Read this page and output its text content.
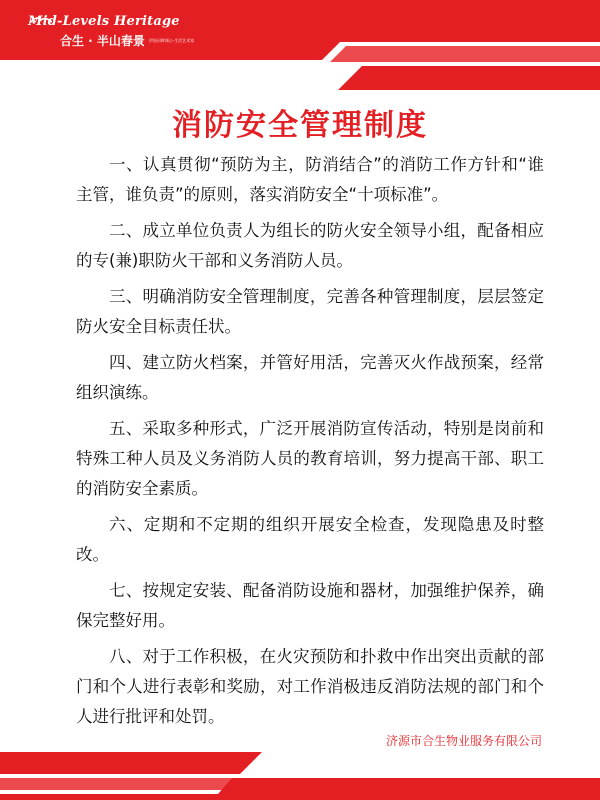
Mid-Levels Heritage
合生 · 半山春景 伊洛河畔城心·生活艺术家
消防安全管理制度

一、认真贯彻“预防为主，防消结合”的消防工作方针和“谁主管，谁负责”的原则，落实消防安全“十项标准”。

二、成立单位负责人为组长的防火安全领导小组，配备相应的专(兼)职防火干部和义务消防人员。

三、明确消防安全管理制度，完善各种管理制度，层层签定防火安全目标责任状。

四、建立防火档案，并管好用活，完善灭火作战预案，经常组织演练。

五、采取多种形式，广泛开展消防宣传活动，特别是岗前和特殊工种人员及义务消防人员的教育培训，努力提高干部、职工的消防安全素质。

六、定期和不定期的组织开展安全检查，发现隐患及时整改。

七、按规定安装、配备消防设施和器材，加强维护保养，确保完整好用。

八、对于工作积极，在火灾预防和扑救中作出突出贡献的部门和个人进行表彰和奖励，对工作消极违反消防法规的部门和个人进行批评和处罚。

济源市合生物业服务有限公司
